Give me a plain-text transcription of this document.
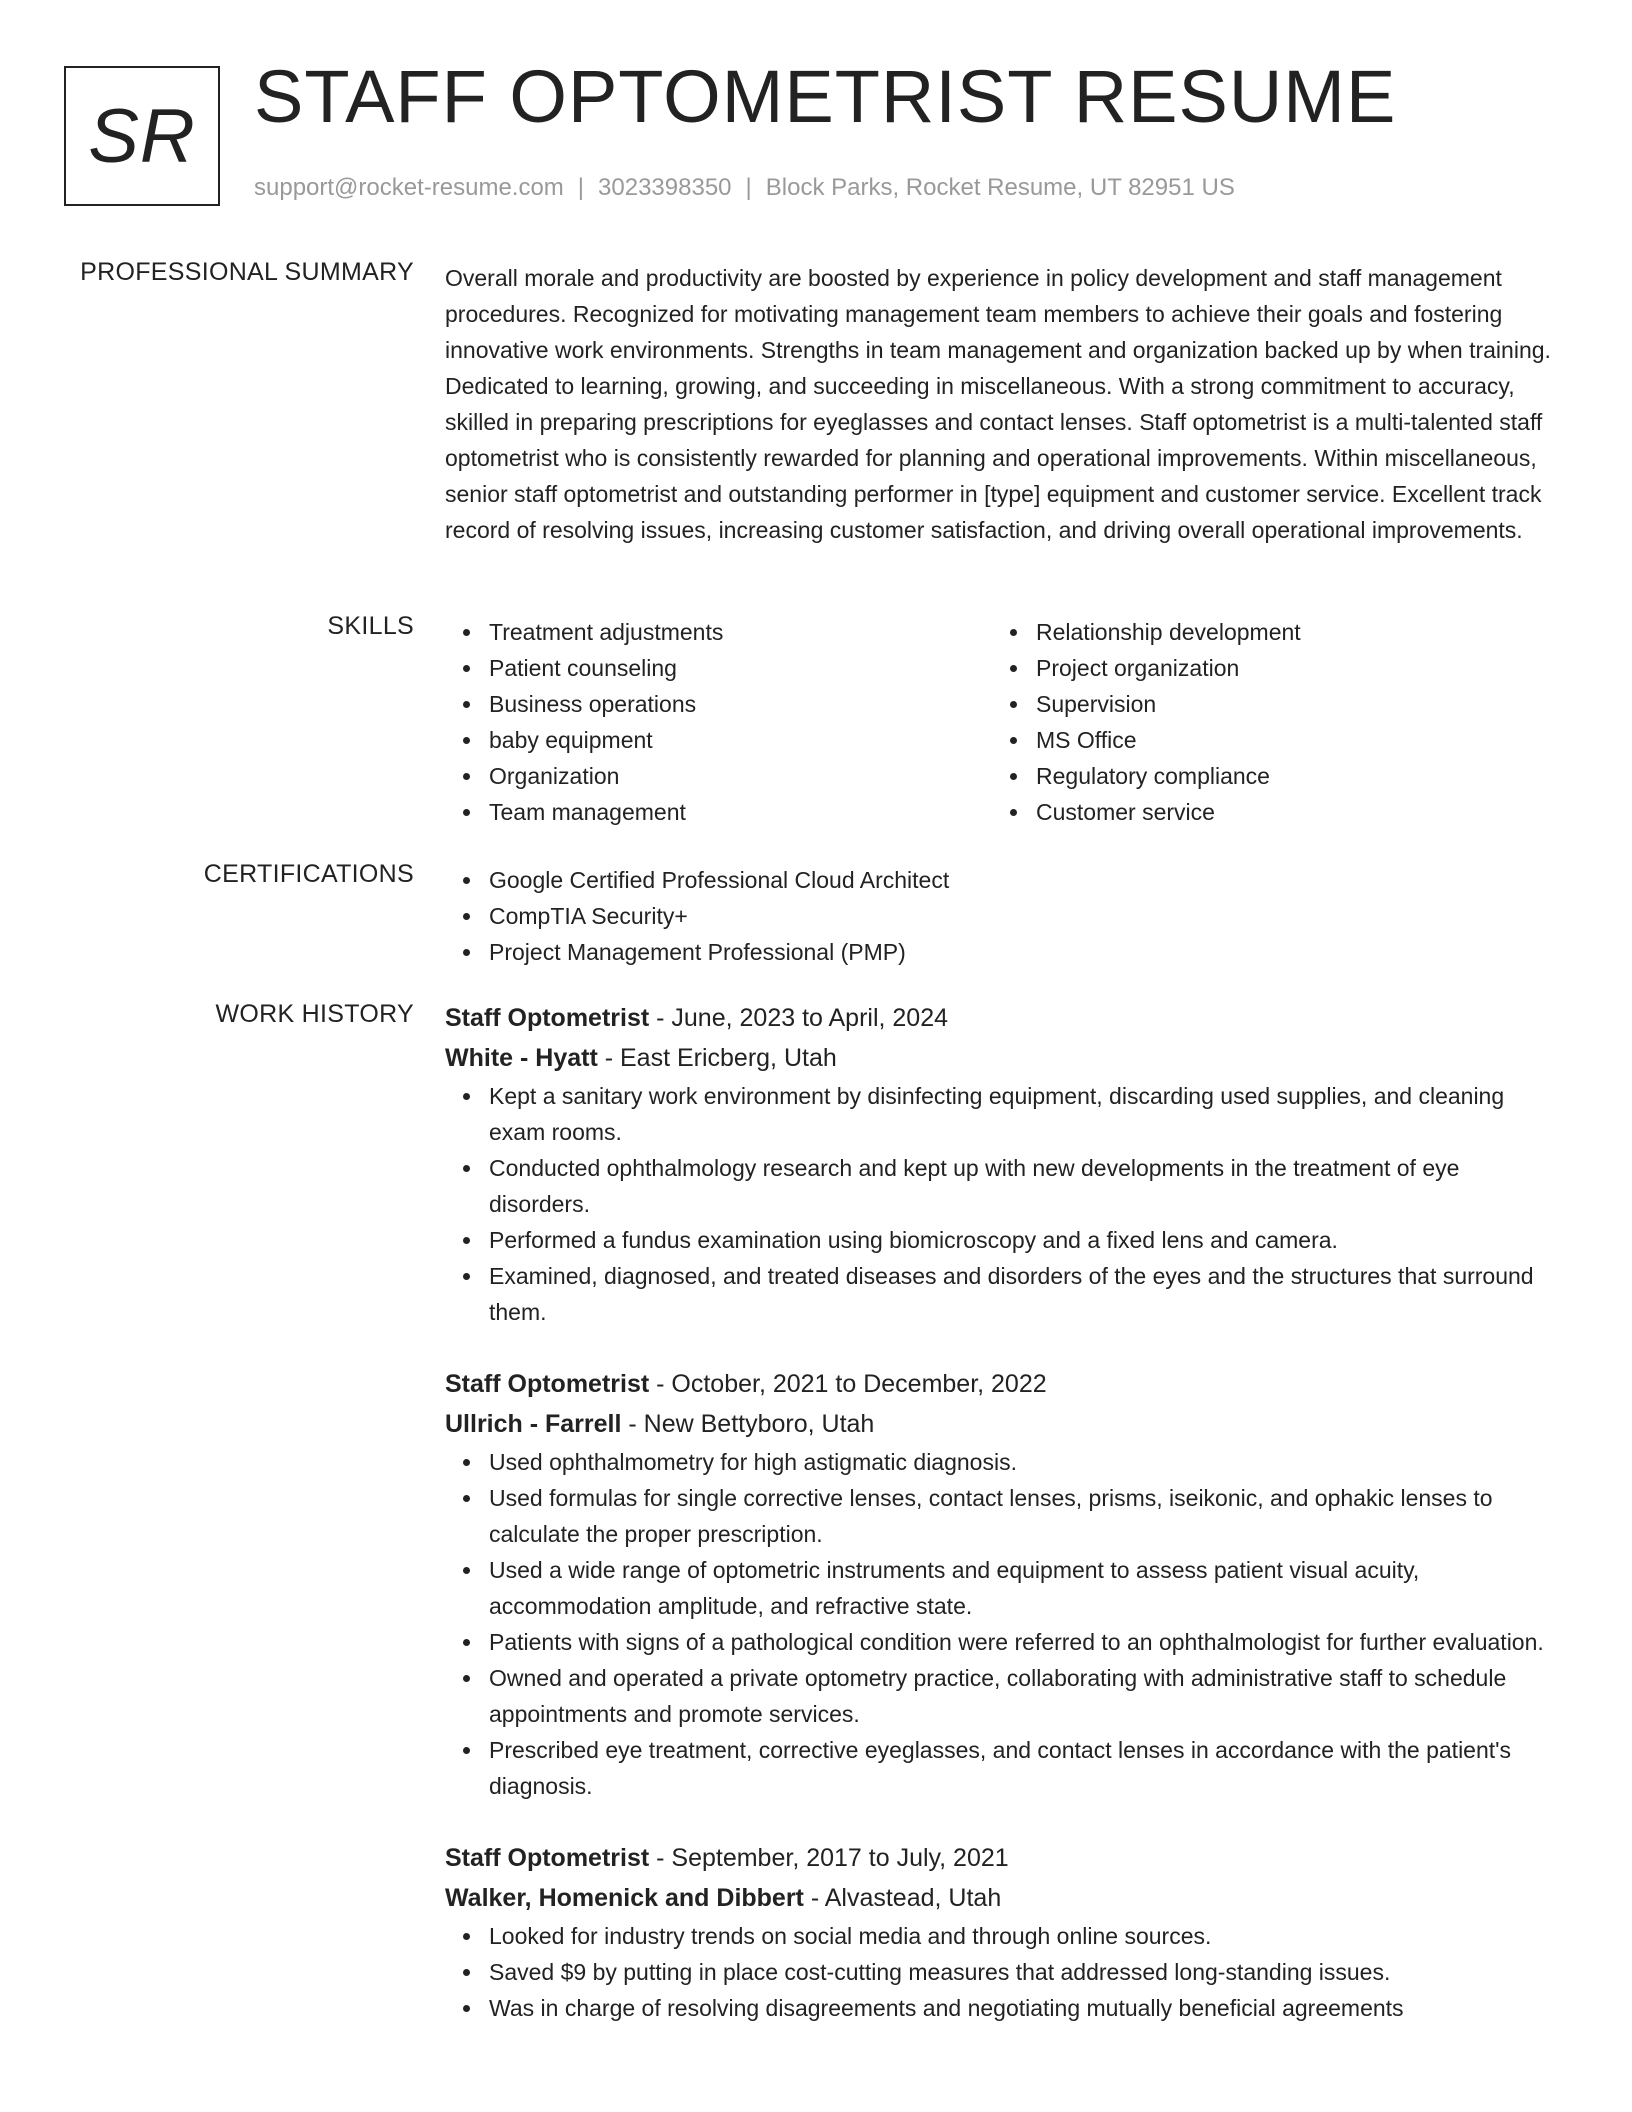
SR STAFF OPTOMETRIST RESUME
support@rocket-resume.com | 3023398350 | Block Parks, Rocket Resume, UT 82951 US
PROFESSIONAL SUMMARY Overall morale and productivity are boosted by experience in policy development and staff management procedures. Recognized for motivating management team members to achieve their goals and fostering innovative work environments. Strengths in team management and organization backed up by when training. Dedicated to learning, growing, and succeeding in miscellaneous. With a strong commitment to accuracy, skilled in preparing prescriptions for eyeglasses and contact lenses. Staff optometrist is a multi-talented staff optometrist who is consistently rewarded for planning and operational improvements. Within miscellaneous, senior staff optometrist and outstanding performer in [type] equipment and customer service. Excellent track record of resolving issues, increasing customer satisfaction, and driving overall operational improvements.

SKILLS	Treatment adjustments
Patient counseling
Business operations
baby equipment
Organization
Team management
Relationship development
Project organization
Supervision
MS Office
Regulatory compliance
Customer service
CERTIFICATIONS	Google Certified Professional Cloud Architect
CompTIA Security+
Project Management Professional (PMP)
WORK HISTORY Staff Optometrist - June, 2023 to April, 2024
White - Hyatt - East Ericberg, Utah
Kept a sanitary work environment by disinfecting equipment, discarding used supplies, and cleaning exam rooms.
Conducted ophthalmology research and kept up with new developments in the treatment of eye disorders.
Performed a fundus examination using biomicroscopy and a fixed lens and camera.
Examined, diagnosed, and treated diseases and disorders of the eyes and the structures that surround them.
Staff Optometrist - October, 2021 to December, 2022
Ullrich - Farrell - New Bettyboro, Utah
Used ophthalmometry for high astigmatic diagnosis.
Used formulas for single corrective lenses, contact lenses, prisms, iseikonic, and ophakic lenses to calculate the proper prescription.
Used a wide range of optometric instruments and equipment to assess patient visual acuity, accommodation amplitude, and refractive state.
Patients with signs of a pathological condition were referred to an ophthalmologist for further evaluation.
Owned and operated a private optometry practice, collaborating with administrative staff to schedule appointments and promote services.
Prescribed eye treatment, corrective eyeglasses, and contact lenses in accordance with the patient's diagnosis.
Staff Optometrist - September, 2017 to July, 2021
Walker, Homenick and Dibbert - Alvastead, Utah
Looked for industry trends on social media and through online sources.
Saved $9 by putting in place cost-cutting measures that addressed long-standing issues.
Was in charge of resolving disagreements and negotiating mutually beneficial agreements
